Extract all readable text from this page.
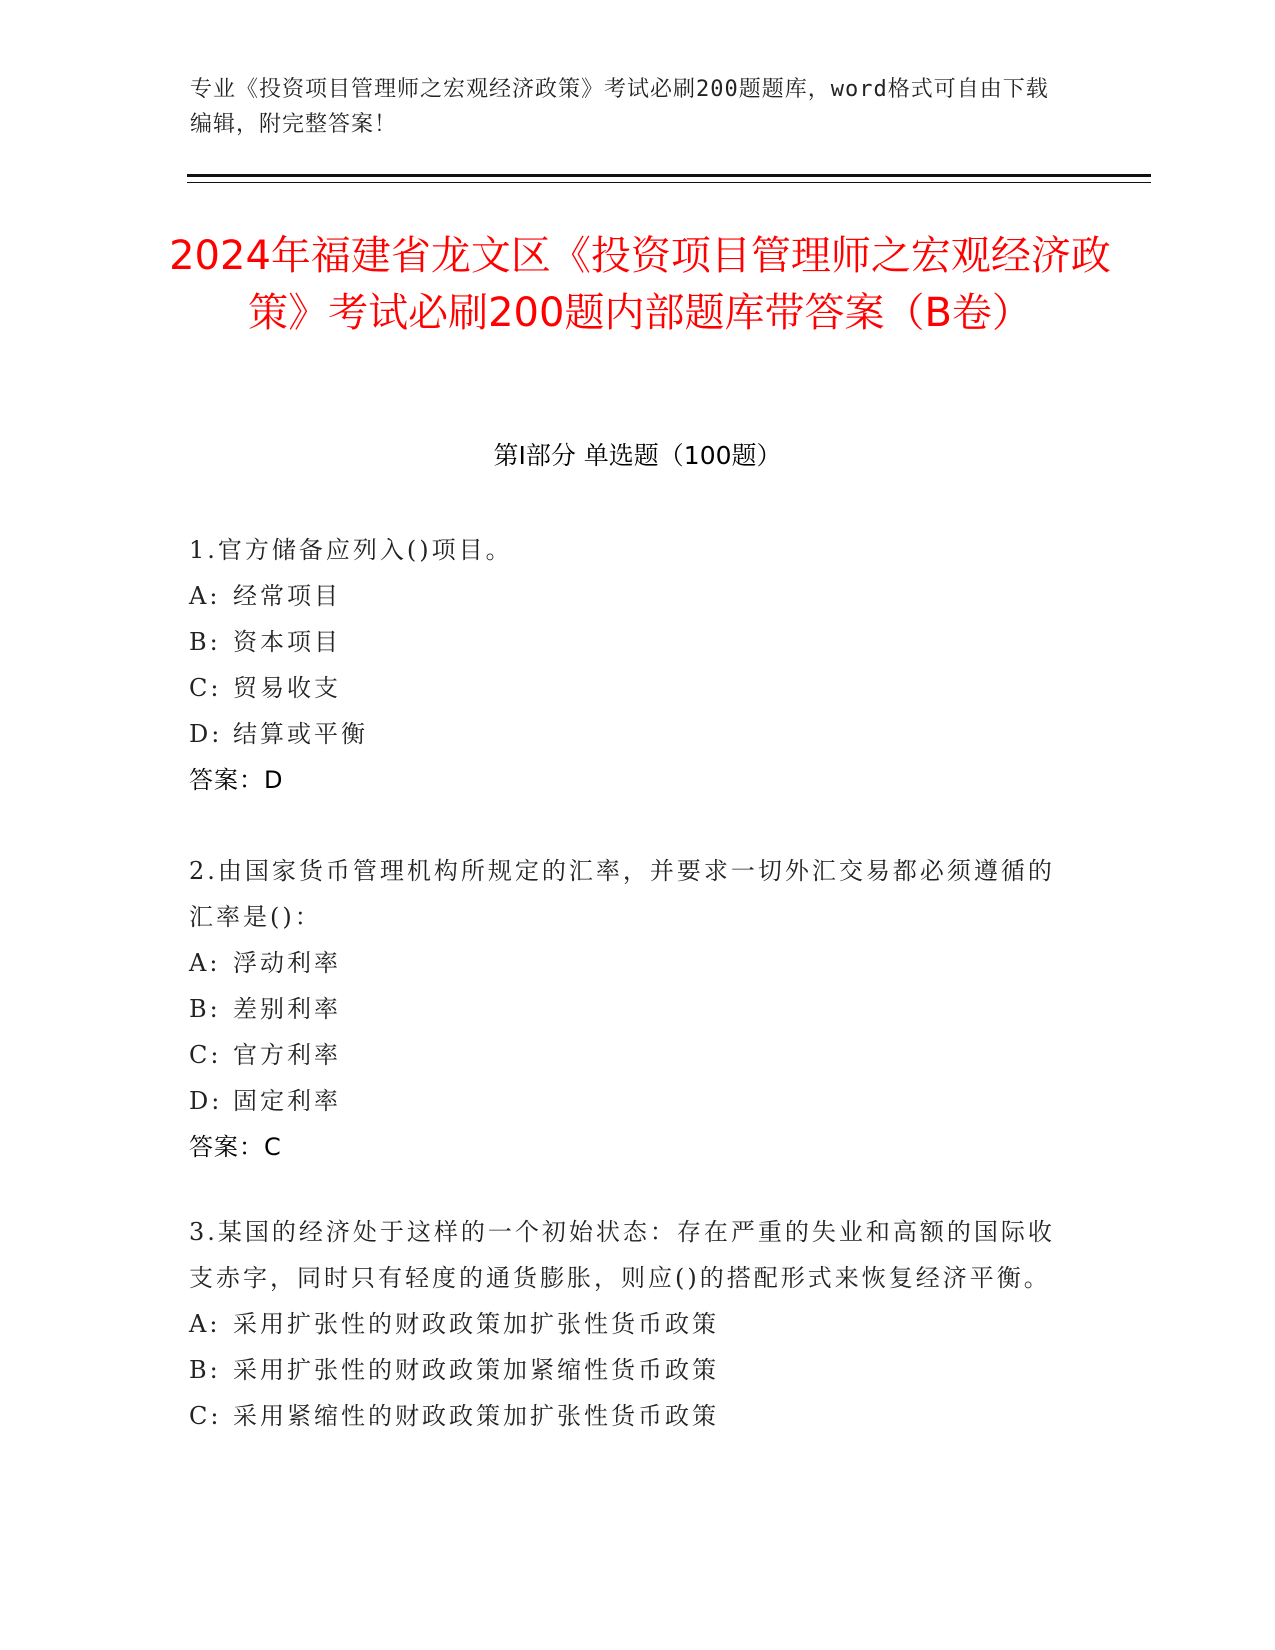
专业《投资项目管理师之宏观经济政策》考试必刷200题题库，word格式可自由下载编辑，附完整答案！
2024年福建省龙文区《投资项目管理师之宏观经济政策》考试必刷200题内部题库带答案（B卷）
第Ⅰ部分 单选题（100题）

1.官方储备应列入()项目。

A: 经常项目

B: 资本项目

C: 贸易收支

D: 结算或平衡

答案：D

2.由国家货币管理机构所规定的汇率，并要求一切外汇交易都必须遵循的汇率是()：

A: 浮动利率

B: 差别利率

C: 官方利率

D: 固定利率

答案：C

3.某国的经济处于这样的一个初始状态：存在严重的失业和高额的国际收支赤字，同时只有轻度的通货膨胀，则应()的搭配形式来恢复经济平衡。

A: 采用扩张性的财政政策加扩张性货币政策

B: 采用扩张性的财政政策加紧缩性货币政策

C: 采用紧缩性的财政政策加扩张性货币政策
